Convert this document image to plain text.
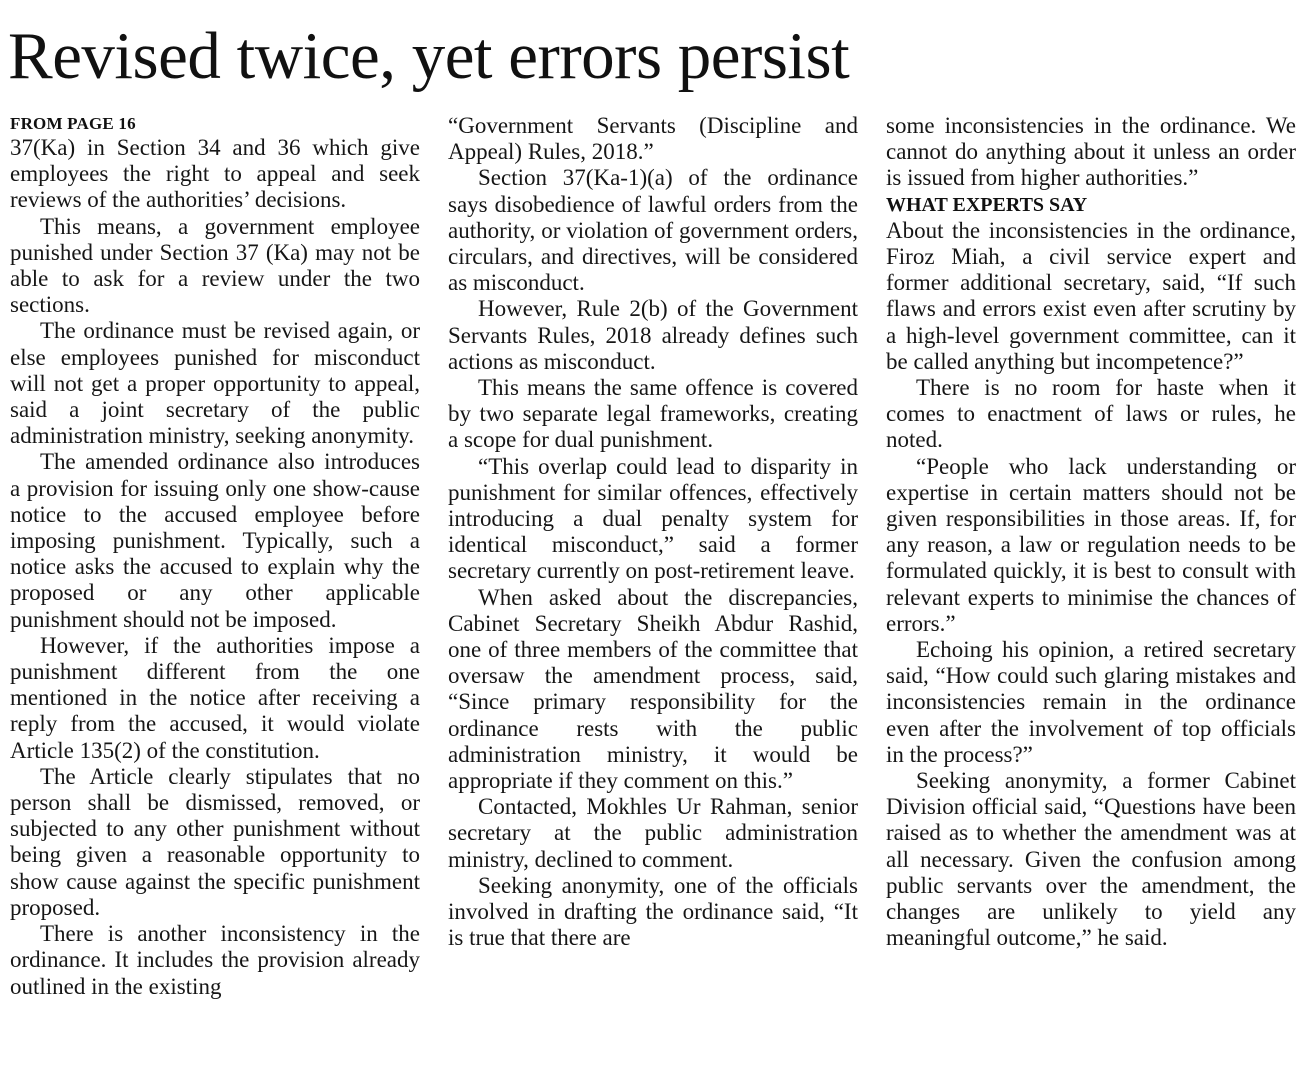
Revised twice, yet errors persist
FROM PAGE 16

37(Ka) in Section 34 and 36 which give employees the right to appeal and seek reviews of the authorities’ decisions.

This means, a government employee punished under Section 37 (Ka) may not be able to ask for a review under the two sections.

The ordinance must be revised again, or else employees punished for misconduct will not get a proper opportunity to appeal, said a joint secretary of the public administration ministry, seeking anonymity.

The amended ordinance also introduces a provision for issuing only one show-cause notice to the accused employee before imposing punishment. Typically, such a notice asks the accused to explain why the proposed or any other applicable punishment should not be imposed.

However, if the authorities impose a punishment different from the one mentioned in the notice after receiving a reply from the accused, it would violate Article 135(2) of the constitution.

The Article clearly stipulates that no person shall be dismissed, removed, or subjected to any other punishment without being given a reasonable opportunity to show cause against the specific punishment proposed.

There is another inconsistency in the ordinance. It includes the provision already outlined in the existing

“Government Servants (Discipline and Appeal) Rules, 2018.”

Section 37(Ka-1)(a) of the ordinance says disobedience of lawful orders from the authority, or violation of government orders, circulars, and directives, will be considered as misconduct.

However, Rule 2(b) of the Government Servants Rules, 2018 already defines such actions as misconduct.

This means the same offence is covered by two separate legal frameworks, creating a scope for dual punishment.

“This overlap could lead to disparity in punishment for similar offences, effectively introducing a dual penalty system for identical misconduct,” said a former secretary currently on post-retirement leave.

When asked about the discrepancies, Cabinet Secretary Sheikh Abdur Rashid, one of three members of the committee that oversaw the amendment process, said, “Since primary responsibility for the ordinance rests with the public administration ministry, it would be appropriate if they comment on this.”

Contacted, Mokhles Ur Rahman, senior secretary at the public administration ministry, declined to comment.

Seeking anonymity, one of the officials involved in drafting the ordinance said, “It is true that there are

some inconsistencies in the ordinance. We cannot do anything about it unless an order is issued from higher authorities.”

WHAT EXPERTS SAY

About the inconsistencies in the ordinance, Firoz Miah, a civil service expert and former additional secretary, said, “If such flaws and errors exist even after scrutiny by a high-level government committee, can it be called anything but incompetence?”

There is no room for haste when it comes to enactment of laws or rules, he noted.

“People who lack understanding or expertise in certain matters should not be given responsibilities in those areas. If, for any reason, a law or regulation needs to be formulated quickly, it is best to consult with relevant experts to minimise the chances of errors.”

Echoing his opinion, a retired secretary said, “How could such glaring mistakes and inconsistencies remain in the ordinance even after the involvement of top officials in the process?”

Seeking anonymity, a former Cabinet Division official said, “Questions have been raised as to whether the amendment was at all necessary. Given the confusion among public servants over the amendment, the changes are unlikely to yield any meaningful outcome,” he said.
